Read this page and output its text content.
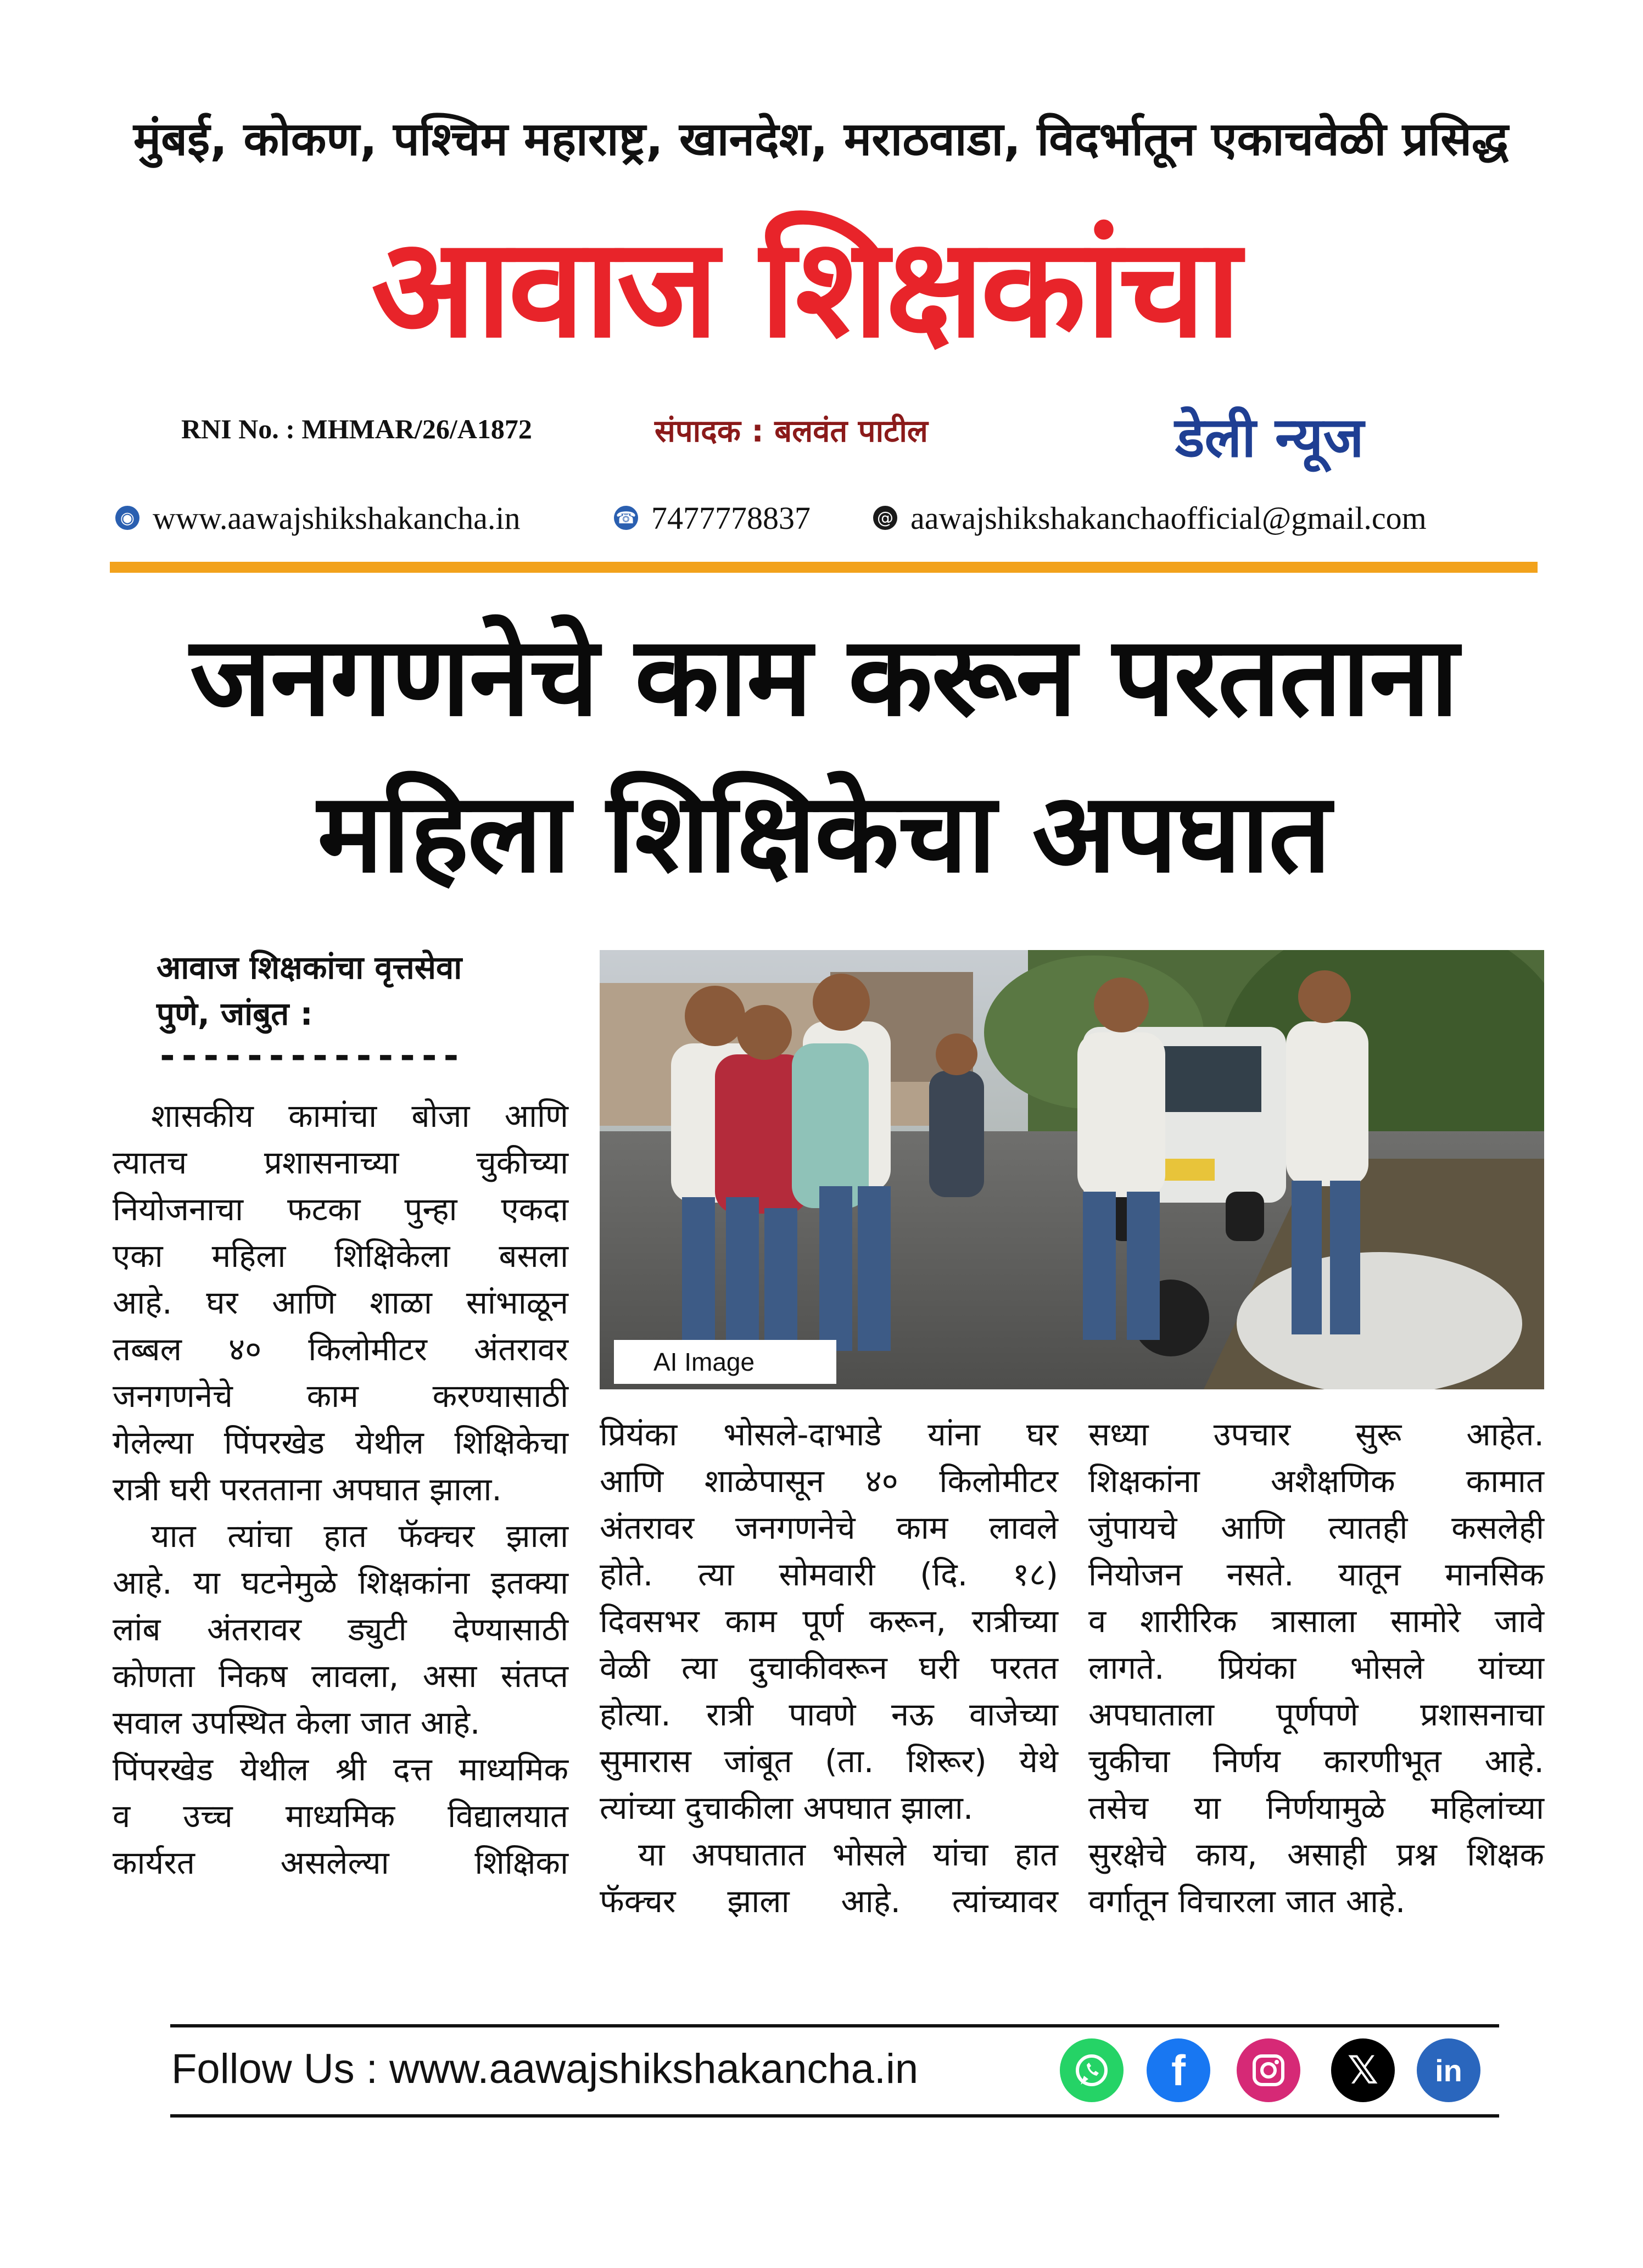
मुंबई, कोकण, पश्चिम महाराष्ट्र, खानदेश, मराठवाडा, विदर्भातून एकाचवेळी प्रसिद्ध
आवाज शिक्षकांचा
RNI No. : MHMAR/26/A1872	संपादक : बलवंत पाटील	डेली न्यूज
◉ www.aawajshikshakancha.in	☎ 7477778837	@ aawajshikshakanchaofficial@gmail.com
जनगणनेचे काम करून परतताना
महिला शिक्षिकेचा अपघात
आवाज शिक्षकांचा वृत्तसेवा
पुणे, जांबुत :
--------------
शासकीय कामांचा बोजा आणि
त्यातच प्रशासनाच्या चुकीच्या
नियोजनाचा फटका पुन्हा एकदा
एका महिला शिक्षिकेला बसला
आहे. घर आणि शाळा सांभाळून
तब्बल ४० किलोमीटर अंतरावर
जनगणनेचे काम करण्यासाठी
गेलेल्या पिंपरखेड येथील शिक्षिकेचा
रात्री घरी परतताना अपघात झाला.
यात त्यांचा हात फॅक्चर झाला
आहे. या घटनेमुळे शिक्षकांना इतक्या
लांब अंतरावर ड्युटी देण्यासाठी
कोणता निकष लावला, असा संतप्त
सवाल उपस्थित केला जात आहे.
पिंपरखेड येथील श्री दत्त माध्यमिक
व उच्च माध्यमिक विद्यालयात
कार्यरत असलेल्या शिक्षिका
प्रियंका भोसले-दाभाडे यांना घर
आणि शाळेपासून ४० किलोमीटर
अंतरावर जनगणनेचे काम लावले
होते. त्या सोमवारी (दि. १८)
दिवसभर काम पूर्ण करून, रात्रीच्या
वेळी त्या दुचाकीवरून घरी परतत
होत्या. रात्री पावणे नऊ वाजेच्या
सुमारास जांबूत (ता. शिरूर) येथे
त्यांच्या दुचाकीला अपघात झाला.
या अपघातात भोसले यांचा हात
फॅक्चर झाला आहे. त्यांच्यावर
सध्या उपचार सुरू आहेत.
शिक्षकांना अशैक्षणिक कामात
जुंपायचे आणि त्यातही कसलेही
नियोजन नसते. यातून मानसिक
व शारीरिक त्रासाला सामोरे जावे
लागते. प्रियंका भोसले यांच्या
अपघाताला पूर्णपणे प्रशासनाचा
चुकीचा निर्णय कारणीभूत आहे.
तसेच या निर्णयामुळे महिलांच्या
सुरक्षेचे काय, असाही प्रश्न शिक्षक
वर्गातून विचारला जात आहे.
AI Image
Follow Us : www.aawajshikshakancha.in	f	𝕏 in
